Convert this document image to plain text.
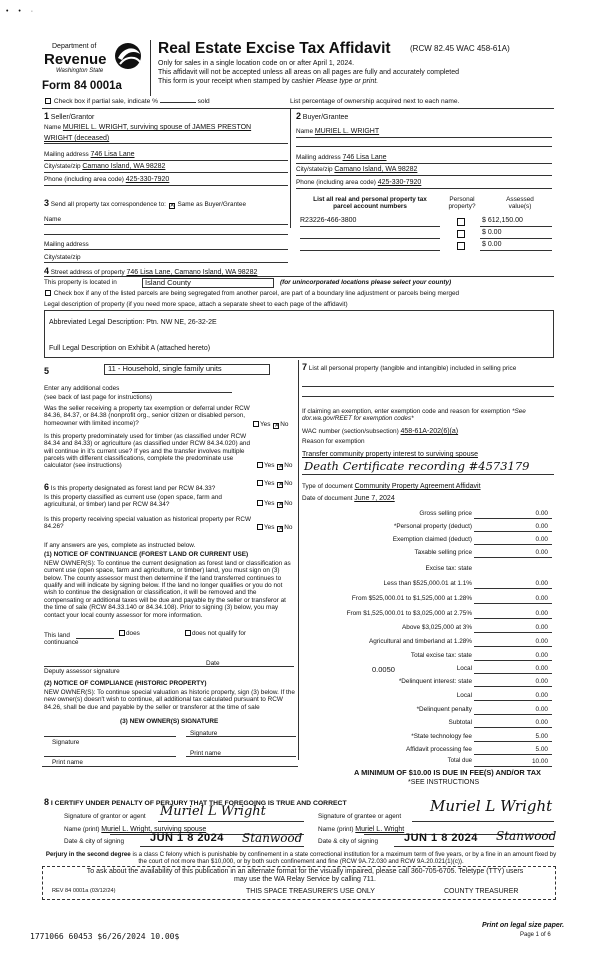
• • ·
Department of
Revenue
Washington State
Form 84 0001a
Real Estate Excise Tax Affidavit (RCW 82.45 WAC 458-61A)
Only for sales in a single location code on or after April 1, 2024.
This affidavit will not be accepted unless all areas on all pages are fully and accurately completed
This form is your receipt when stamped by cashier Please type or print.
Check box if partial sale, indicate %	sold	List percentage of ownership acquired next to each name.
1 Seller/Grantor
Name MURIEL L. WRIGHT, surviving spouse of JAMES PRESTON
WRIGHT (deceased)
Mailing address 746 Lisa Lane
City/state/zip Camano Island, WA 98282
Phone (including area code) 425-330-7920
2 Buyer/Grantee
Name MURIEL L. WRIGHT
Mailing address 746 Lisa Lane
City/state/zip Camano Island, WA 98282
Phone (including area code) 425-330-7920
3 Send all property tax correspondence to: ✕ Same as Buyer/Grantee
Name
Mailing address
City/state/zip
List all real and personal property tax
parcel account numbers
Personal
property?
Assessed
value(s)
R23226-466-3800	$ 612,150.00
$ 0.00
$ 0.00
4 Street address of property 746 Lisa Lane, Camano Island, WA 98282
This property is located in	Island County	(for unincorporated locations please select your county)
Check box if any of the listed parcels are being segregated from another parcel, are part of a boundary line adjustment or parcels being merged
Legal description of property (if you need more space, attach a separate sheet to each page of the affidavit)
Abbreviated Legal Description: Ptn. NW NE, 26-32-2E
Full Legal Description on Exhibit A (attached hereto)
5	11 - Household, single family units
Enter any additional codes
(see back of last page for instructions)
Was the seller receiving a property tax exemption or deferral under RCW 84.36, 84.37, or 84.38 (nonprofit org., senior citizen or disabled person, homeowner with limited income)?	Yes ✕ No
Is this property predominately used for timber (as classified under RCW 84.34 and 84.33) or agriculture (as classified under RCW 84.34.020) and will continue in it's current use? If yes and the transfer involves multiple parcels with different classifications, complete the predominate use calculator (see instructions)	Yes ✕ No
6 Is this property designated as forest land per RCW 84.33?
Yes ✕ No
Is this property classified as current use (open space, farm and agricultural, or timber) land per RCW 84.34?	Yes ✕ No
Is this property receiving special valuation as historical property per RCW 84.26?	Yes ✕ No
If any answers are yes, complete as instructed below.
(1) NOTICE OF CONTINUANCE (FOREST LAND OR CURRENT USE)
NEW OWNER(S): To continue the current designation as forest land or classification as current use (open space, farm and agriculture, or timber) land, you must sign on (3) below. The county assessor must then determine if the land transferred continues to qualify and will indicate by signing below. If the land no longer qualifies or you do not wish to continue the designation or classification, it will be removed and the compensating or additional taxes will be due and payable by the seller or transferor at the time of sale (RCW 84.33.140 or 84.34.108). Prior to signing (3) below, you may contact your local county assessor for more information.
This land
continuance
does	does not qualify for
Deputy assessor signature
Date
(2) NOTICE OF COMPLIANCE (HISTORIC PROPERTY)
NEW OWNER(S): To continue special valuation as historic property, sign (3) below. If the new owner(s) doesn't wish to continue, all additional tax calculated pursuant to RCW 84.26, shall be due and payable by the seller or transferor at the time of sale
(3) NEW OWNER(S) SIGNATURE
Signature
Signature
Print name
Print name
7 List all personal property (tangible and intangible) included in selling price
If claiming an exemption, enter exemption code and reason for exemption *See dor.wa.gov/REET for exemption codes*
WAC number (section/subsection) 458-61A-202(6)(a)
Reason for exemption
Transfer community property interest to surviving spouse
Death Certificate recording #4573179
Type of document Community Property Agreement Affidavit
Date of document June 7, 2024
Gross selling price	0.00
*Personal property (deduct)	0.00
Exemption claimed (deduct)	0.00
Taxable selling price	0.00
Excise tax: state
Less than $525,000.01 at 1.1%	0.00
From $525,000.01 to $1,525,000 at 1.28%	0.00
From $1,525,000.01 to $3,025,000 at 2.75%	0.00
Above $3,025,000 at 3%	0.00
Agricultural and timberland at 1.28%	0.00
Total excise tax: state	0.00
0.0050	Local	0.00
*Delinquent interest: state	0.00
Local	0.00
*Delinquent penalty	0.00
Subtotal	0.00
*State technology fee	5.00
Affidavit processing fee	5.00
Total due	10.00
A MINIMUM OF $10.00 IS DUE IN FEE(S) AND/OR TAX
*SEE INSTRUCTIONS
8 I CERTIFY UNDER PENALTY OF PERJURY THAT THE FOREGOING IS TRUE AND CORRECT
Signature of grantor or agent Muriel L Wright
Name (print) Muriel L. Wright, surviving spouse
Date & city of signing JUN 1 8 2024 Stanwood
Signature of grantee or agent
Muriel L Wright
Name (print) Muriel L. Wright
Date & city of signing JUN 1 8 2024 Stanwood
Perjury in the second degree is a class C felony which is punishable by confinement in a state correctional institution for a maximum term of five years, or by a fine in an amount fixed by the court of not more than $10,000, or by both such confinement and fine (RCW 9A.72.030 and RCW 9A.20.021(1)(c)).
To ask about the availability of this publication in an alternate format for the visually impaired, please call 360-705-6705. Teletype (TTY) users may use the WA Relay Service by calling 711.
REV 84 0001a (03/12/24)	THIS SPACE TREASURER'S USE ONLY	COUNTY TREASURER
Print on legal size paper.
Page 1 of 6
1771066 60453 $6/26/2024 10.00$
